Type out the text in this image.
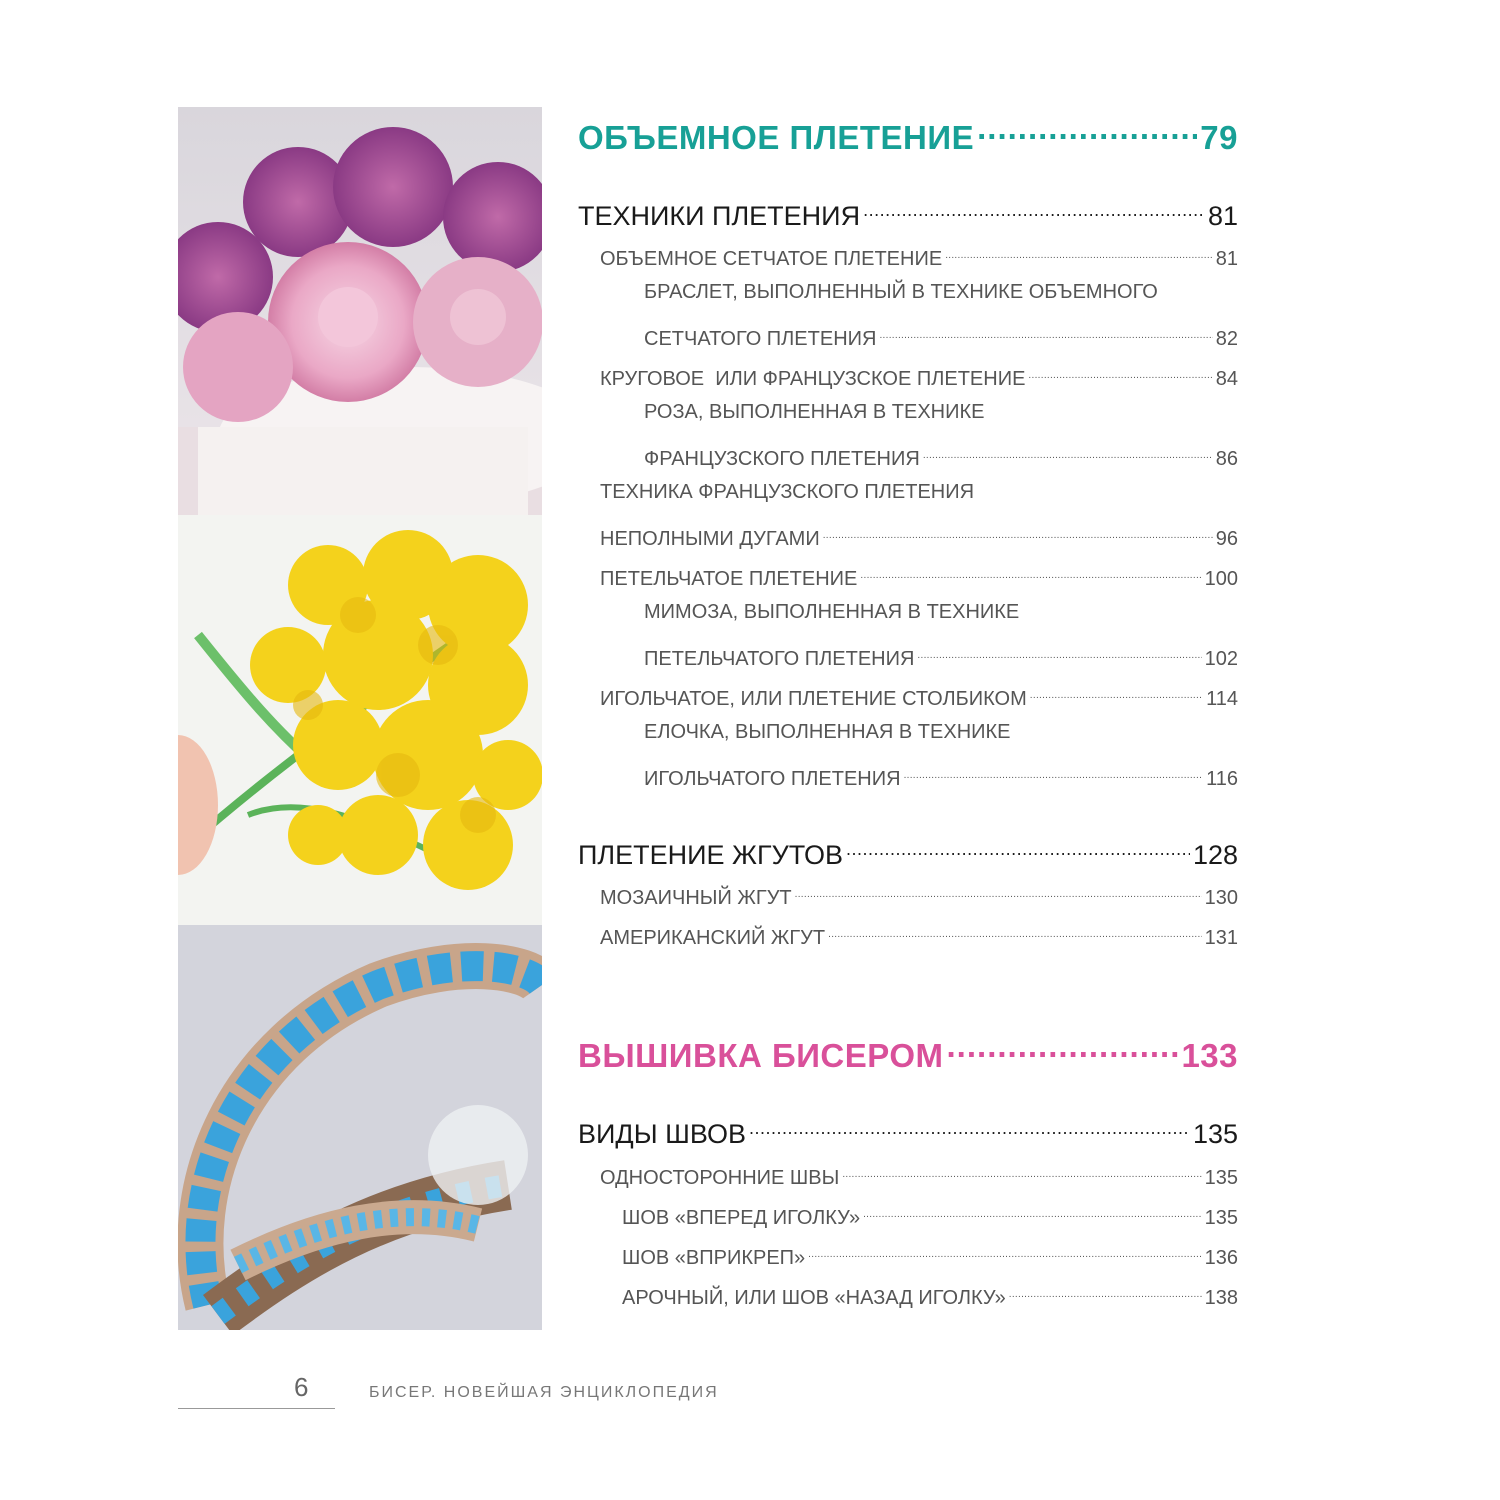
ОБЪЕМНОЕ ПЛЕТЕНИЕ .....	79
ТЕХНИКИ ПЛЕТЕНИЯ .....	81
ОБЪЕМНОЕ СЕТЧАТОЕ ПЛЕТЕНИЕ .....	81
БРАСЛЕТ, ВЫПОЛНЕННЫЙ В ТЕХНИКЕ ОБЪЕМНОГО
СЕТЧАТОГО ПЛЕТЕНИЯ .....	82
КРУГОВОЕ  ИЛИ ФРАНЦУЗСКОЕ ПЛЕТЕНИЕ .....	84
РОЗА, ВЫПОЛНЕННАЯ В ТЕХНИКЕ
ФРАНЦУЗСКОГО ПЛЕТЕНИЯ .....	86
ТЕХНИКА ФРАНЦУЗСКОГО ПЛЕТЕНИЯ
НЕПОЛНЫМИ ДУГАМИ .....	96
ПЕТЕЛЬЧАТОЕ ПЛЕТЕНИЕ .....	100
МИМОЗА, ВЫПОЛНЕННАЯ В ТЕХНИКЕ
ПЕТЕЛЬЧАТОГО ПЛЕТЕНИЯ .....	102
ИГОЛЬЧАТОЕ, ИЛИ ПЛЕТЕНИЕ СТОЛБИКОМ .....	114
ЕЛОЧКА, ВЫПОЛНЕННАЯ В ТЕХНИКЕ
ИГОЛЬЧАТОГО ПЛЕТЕНИЯ .....	116
ПЛЕТЕНИЕ ЖГУТОВ .....	128
МОЗАИЧНЫЙ ЖГУТ .....	130
АМЕРИКАНСКИЙ ЖГУТ .....	131
ВЫШИВКА БИСЕРОМ .....	133
ВИДЫ ШВОВ .....	135
ОДНОСТОРОННИЕ ШВЫ .....	135
ШОВ «ВПЕРЕД ИГОЛКУ» .....	135
ШОВ «ВПРИКРЕП» .....	136
АРОЧНЫЙ, ИЛИ ШОВ «НАЗАД ИГОЛКУ» .....	138
6	БИСЕР. НОВЕЙШАЯ ЭНЦИКЛОПЕДИЯ
